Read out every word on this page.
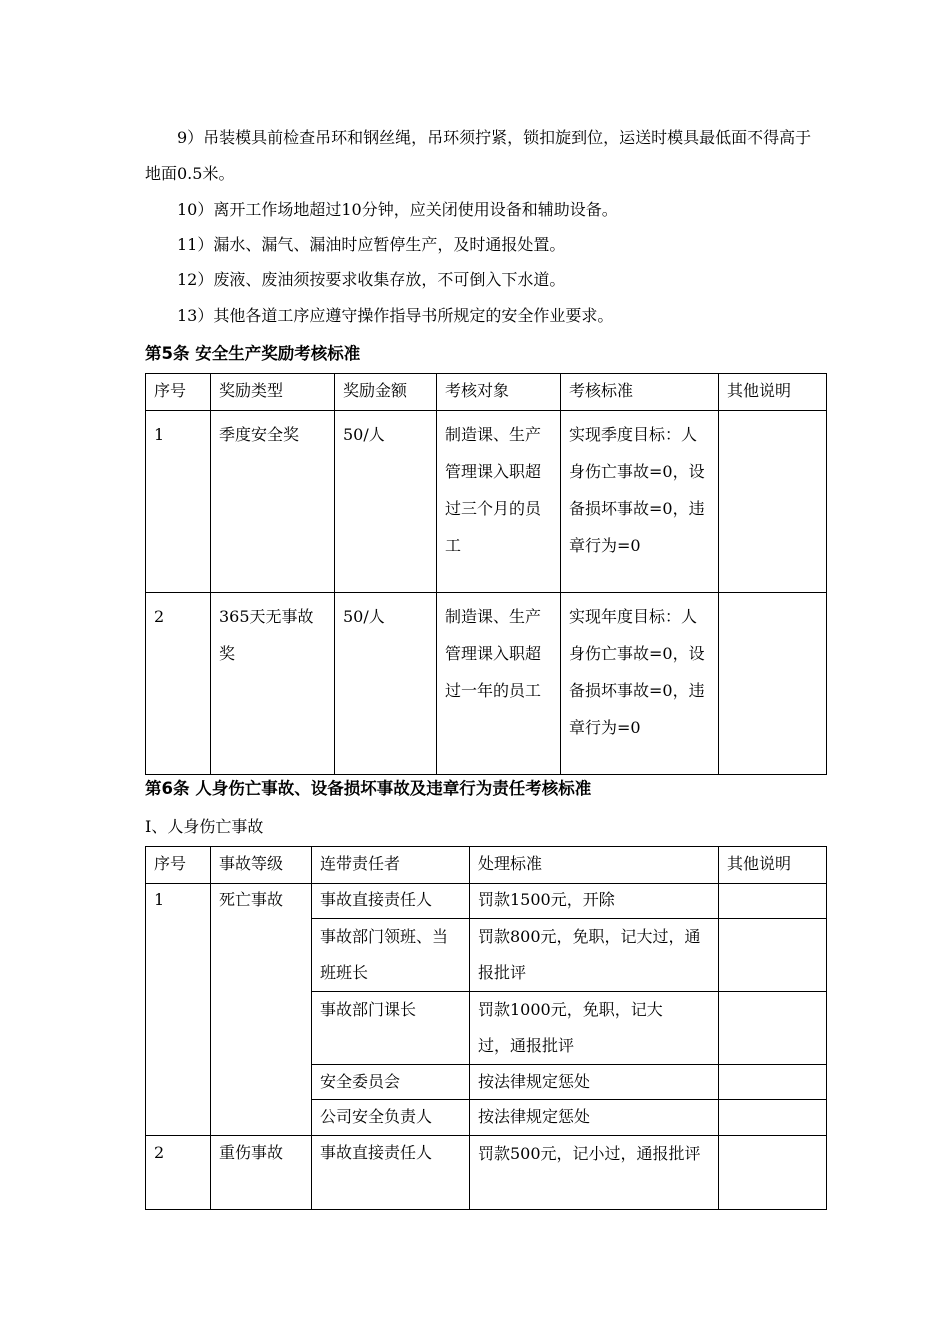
9）吊装模具前检查吊环和钢丝绳，吊环须拧紧，锁扣旋到位，运送时模具最低面不得高于地面0.5米。

10）离开工作场地超过10分钟，应关闭使用设备和辅助设备。

11）漏水、漏气、漏油时应暂停生产，及时通报处置。

12）废液、废油须按要求收集存放，不可倒入下水道。

13）其他各道工序应遵守操作指导书所规定的安全作业要求。

第5条 安全生产奖励考核标准
序号	奖励类型	奖励金额	考核对象	考核标准	其他说明
1	季度安全奖	50/人	制造课、生产管理课入职超过三个月的员工	实现季度目标：人身伤亡事故=0，设备损坏事故=0，违章行为=0	
2	365天无事故奖	50/人	制造课、生产管理课入职超过一年的员工	实现年度目标：人身伤亡事故=0，设备损坏事故=0，违章行为=0	
第6条 人身伤亡事故、设备损坏事故及违章行为责任考核标准

I、人身伤亡事故

序号	事故等级	连带责任者	处理标准	其他说明
1	死亡事故	事故直接责任人	罚款1500元，开除	
		事故部门领班、当班班长	罚款800元，免职，记大过，通报批评	
		事故部门课长	罚款1000元，免职，记大过，通报批评	
		安全委员会	按法律规定惩处	
		公司安全负责人	按法律规定惩处	
2	重伤事故	事故直接责任人	罚款500元，记小过，通报批评	
